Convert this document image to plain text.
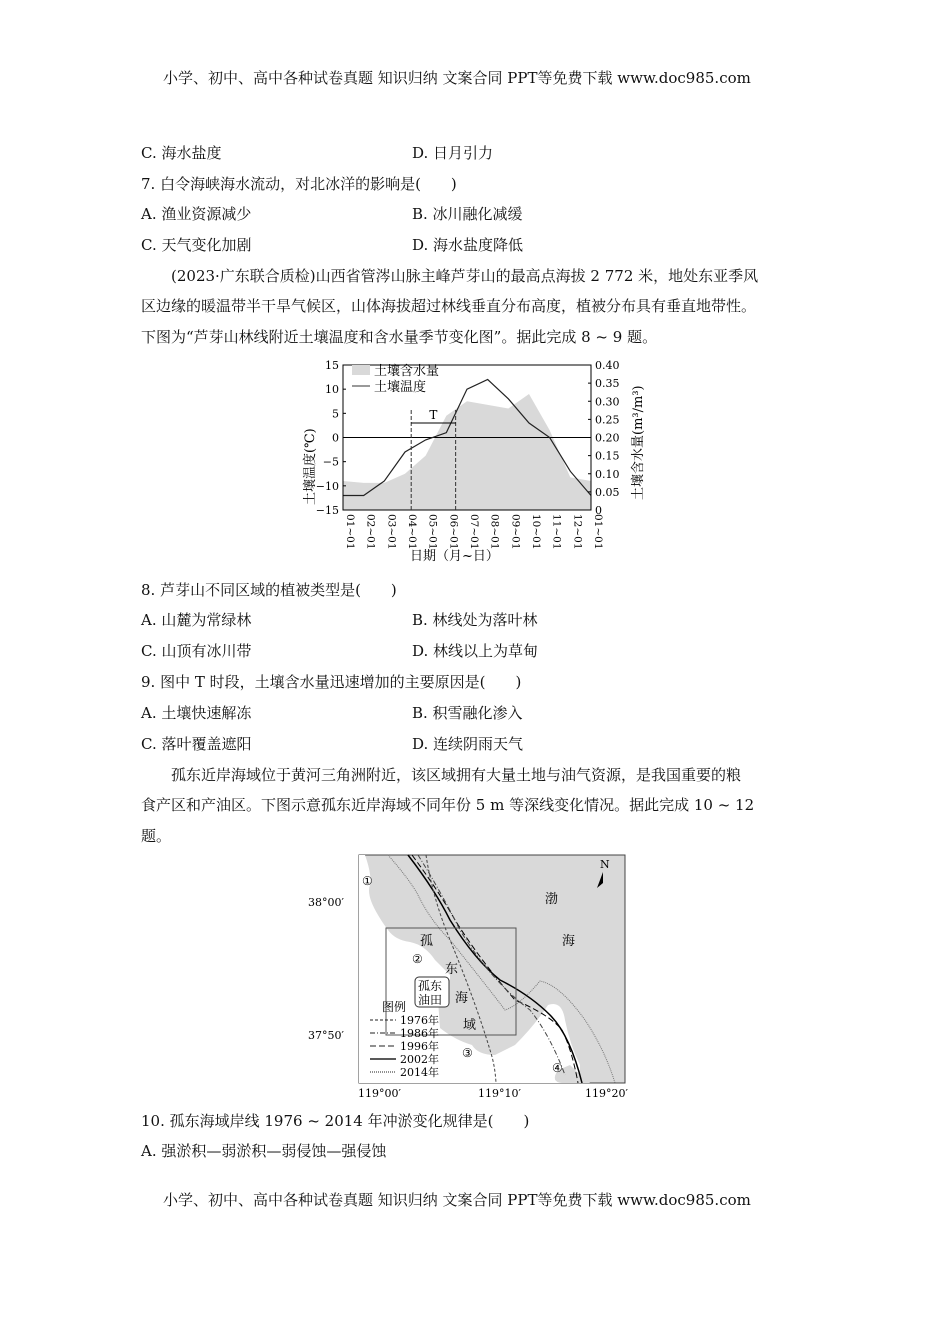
小学、初中、高中各种试卷真题 知识归纳 文案合同 PPT等免费下载 www.doc985.com
C. 海水盐度	D. 日月引力
7. 白令海峡海水流动，对北冰洋的影响是(　　)
A. 渔业资源减少	B. 冰川融化减缓
C. 天气变化加剧	D. 海水盐度降低
(2023·广东联合质检)山西省管涔山脉主峰芦芽山的最高点海拔 2 772 米，地处东亚季风
区边缘的暖温带半干旱气候区，山体海拔超过林线垂直分布高度，植被分布具有垂直地带性。
下图为“芦芽山林线附近土壤温度和含水量季节变化图”。据此完成 8 ~ 9 题。
T
15
10
5
0
−5
−10
−15
0.40
0.35
0.30
0.25
0.20
0.15
0.10
0.05
0
01~01 02~01 03~01 04~01 05~01 06~01 07~01 08~01 09~01 10~01 11~01 12~01 01~01
日期（月~日）
土壤温度(℃)	土壤含水量(m³/m³)
土壤含水量
土壤温度
8. 芦芽山不同区域的植被类型是(　　)
A. 山麓为常绿林	B. 林线处为落叶林
C. 山顶有冰川带	D. 林线以上为草甸
9. 图中 T 时段，土壤含水量迅速增加的主要原因是(　　)
A. 土壤快速解冻	B. 积雪融化渗入
C. 落叶覆盖遮阳	D. 连续阴雨天气
孤东近岸海域位于黄河三角洲附近，该区域拥有大量土地与油气资源，是我国重要的粮
食产区和产油区。下图示意孤东近岸海域不同年份 5 m 等深线变化情况。据此完成 10 ~ 12
题。
N
渤
海
孤
东
海
域
孤东
油田
①
②
③
④
38°00′
37°50′
119°00′	119°10′	119°20′
图例
1976年
1986年
1996年
2002年
2014年
10. 孤东海域岸线 1976 ~ 2014 年冲淤变化规律是(　　)
A. 强淤积—弱淤积—弱侵蚀—强侵蚀
小学、初中、高中各种试卷真题 知识归纳 文案合同 PPT等免费下载 www.doc985.com
